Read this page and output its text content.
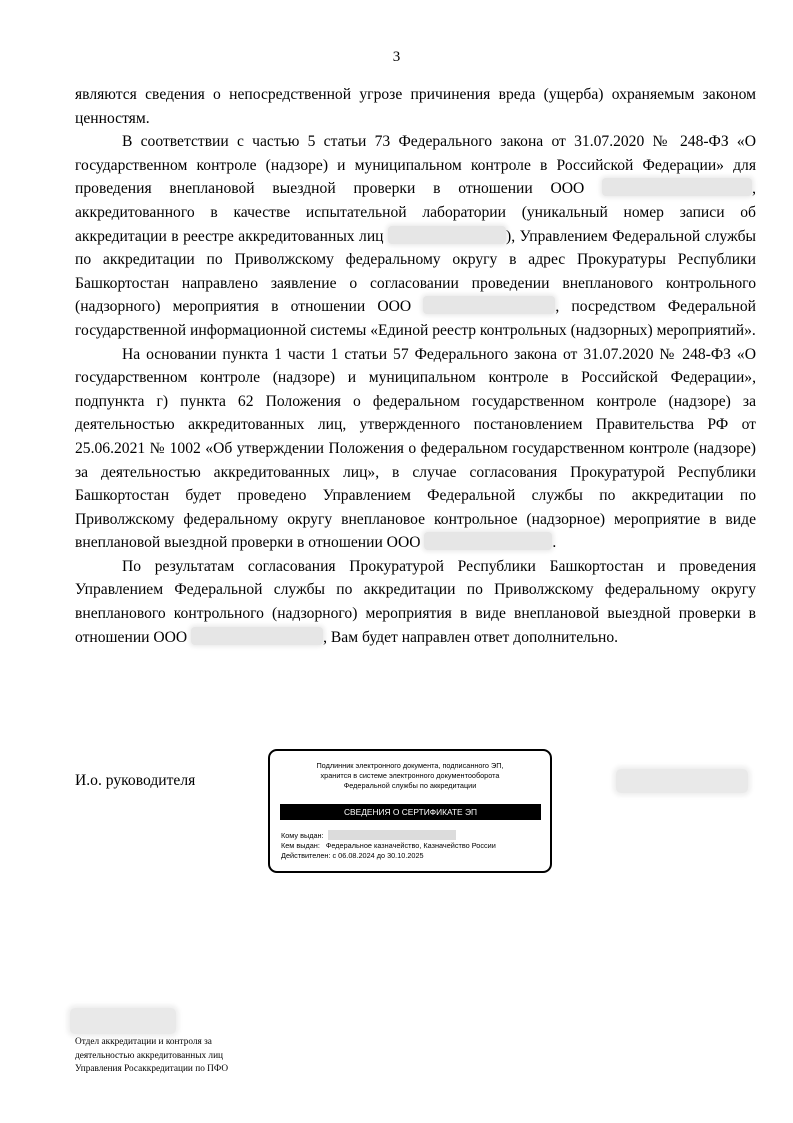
3

являются сведения о непосредственной угрозе причинения вреда (ущерба) охраняемым законом ценностям.

В соответствии с частью 5 статьи 73 Федерального закона от 31.07.2020 № 248-ФЗ «О государственном контроле (надзоре) и муниципальном контроле в Российской Федерации» для проведения внеплановой выездной проверки в отношении ООО	, аккредитованного в качестве испытательной лаборатории (уникальный номер записи об аккредитации в реестре аккредитованных лиц	), Управлением Федеральной службы по аккредитации по Приволжскому федеральному округу в адрес Прокуратуры Республики Башкортостан направлено заявление о согласовании проведении внепланового контрольного (надзорного) мероприятия в отношении ООО	, посредством Федеральной государственной информационной системы «Единой реестр контрольных (надзорных) мероприятий».

На основании пункта 1 части 1 статьи 57 Федерального закона от 31.07.2020 № 248-ФЗ «О государственном контроле (надзоре) и муниципальном контроле в Российской Федерации», подпункта г) пункта 62 Положения о федеральном государственном контроле (надзоре) за деятельностью аккредитованных лиц, утвержденного постановлением Правительства РФ от 25.06.2021 № 1002 «Об утверждении Положения о федеральном государственном контроле (надзоре) за деятельностью аккредитованных лиц», в случае согласования Прокуратурой Республики Башкортостан будет проведено Управлением Федеральной службы по аккредитации по Приволжскому федеральному округу внеплановое контрольное (надзорное) мероприятие в виде внеплановой выездной проверки в отношении ООО	.

По результатам согласования Прокуратурой Республики Башкортостан и проведения Управлением Федеральной службы по аккредитации по Приволжскому федеральному округу внепланового контрольного (надзорного) мероприятия в виде внеплановой выездной проверки в отношении ООО	, Вам будет направлен ответ дополнительно.

И.о. руководителя
Подлинник электронного документа, подписанного ЭП,
хранится в системе электронного документооборота
Федеральной службы по аккредитации
СВЕДЕНИЯ О СЕРТИФИКАТЕ ЭП
Кому выдан:
Кем выдан: Федеральное казначейство, Казначейство России
Действителен: с 06.08.2024 до 30.10.2025
Отдел аккредитации и контроля за
деятельностью аккредитованных лиц
Управления Росаккредитации по ПФО
